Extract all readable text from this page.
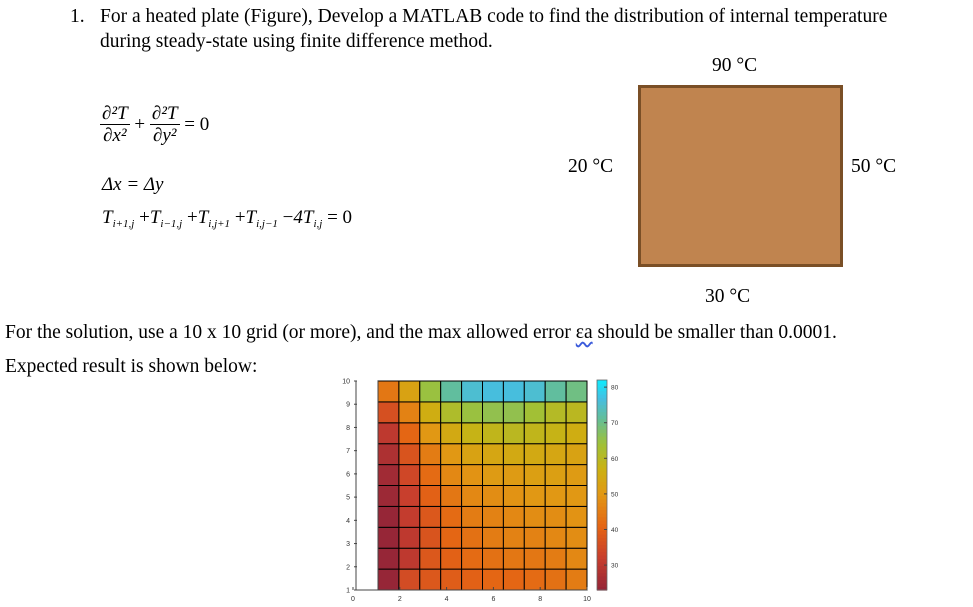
1. For a heated plate (Figure), Develop a MATLAB code to find the distribution of internal temperature
during steady-state using finite difference method.
$\frac{\text{∂²T}}{\text{∂x²}} + \frac{\text{∂²T}}{\text{∂y²}} = 0$
Δx = Δy
$T_{i+1,j} +T_{i-1,j} +T_{i,j+1} +T_{i,j-1} -4T_{i,j} = 0$
90 °C
20 °C	50 °C
30 °C
For the solution, use a 10 x 10 grid (or more), and the max allowed error εa should be smaller than 0.0001.
Expected result is shown below:
0	2	4	6	8	10
1
2
3
4
5
6
7
8
9
10
30
40
50
60
70
80
